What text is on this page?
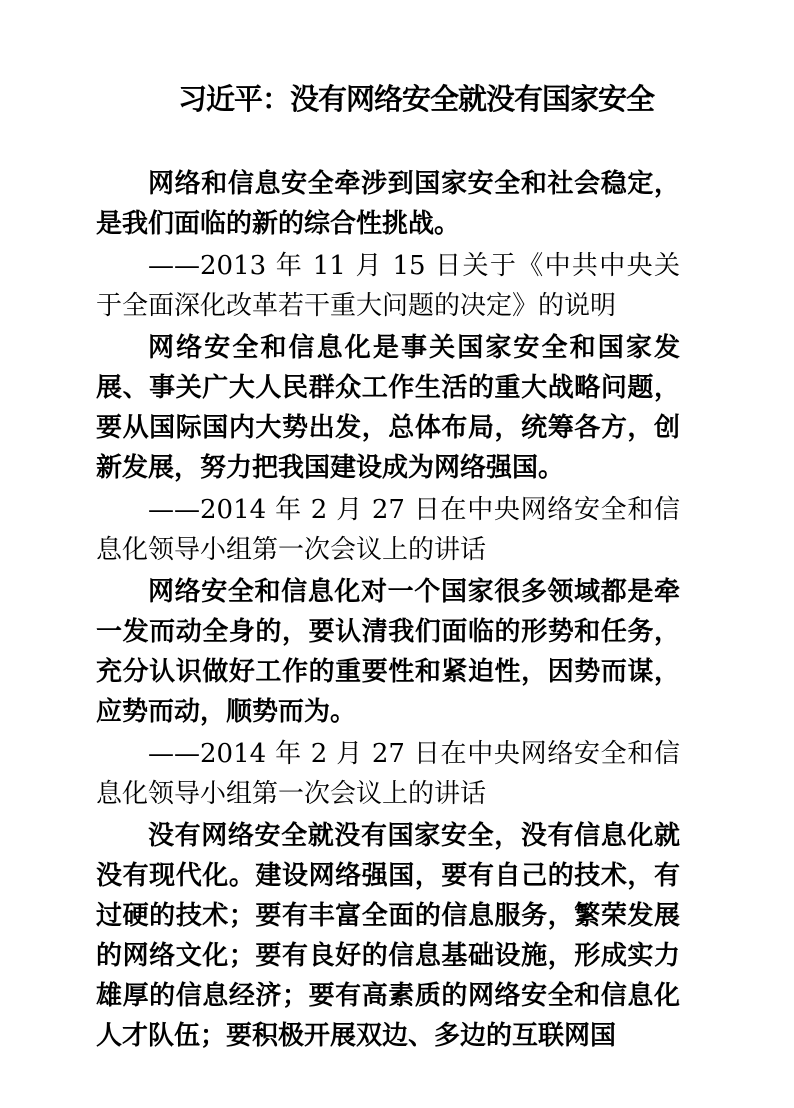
习近平：没有网络安全就没有国家安全

网络和信息安全牵涉到国家安全和社会稳定，是我们面临的新的综合性挑战。

——2013 年 11 月 15 日关于《中共中央关于全面深化改革若干重大问题的决定》的说明

网络安全和信息化是事关国家安全和国家发展、事关广大人民群众工作生活的重大战略问题，要从国际国内大势出发，总体布局，统筹各方，创新发展，努力把我国建设成为网络强国。

——2014 年 2 月 27 日在中央网络安全和信息化领导小组第一次会议上的讲话

网络安全和信息化对一个国家很多领域都是牵一发而动全身的，要认清我们面临的形势和任务，充分认识做好工作的重要性和紧迫性，因势而谋，应势而动，顺势而为。

——2014 年 2 月 27 日在中央网络安全和信息化领导小组第一次会议上的讲话

没有网络安全就没有国家安全，没有信息化就没有现代化。建设网络强国，要有自己的技术，有过硬的技术；要有丰富全面的信息服务，繁荣发展的网络文化；要有良好的信息基础设施，形成实力雄厚的信息经济；要有高素质的网络安全和信息化人才队伍；要积极开展双边、多边的互联网国
